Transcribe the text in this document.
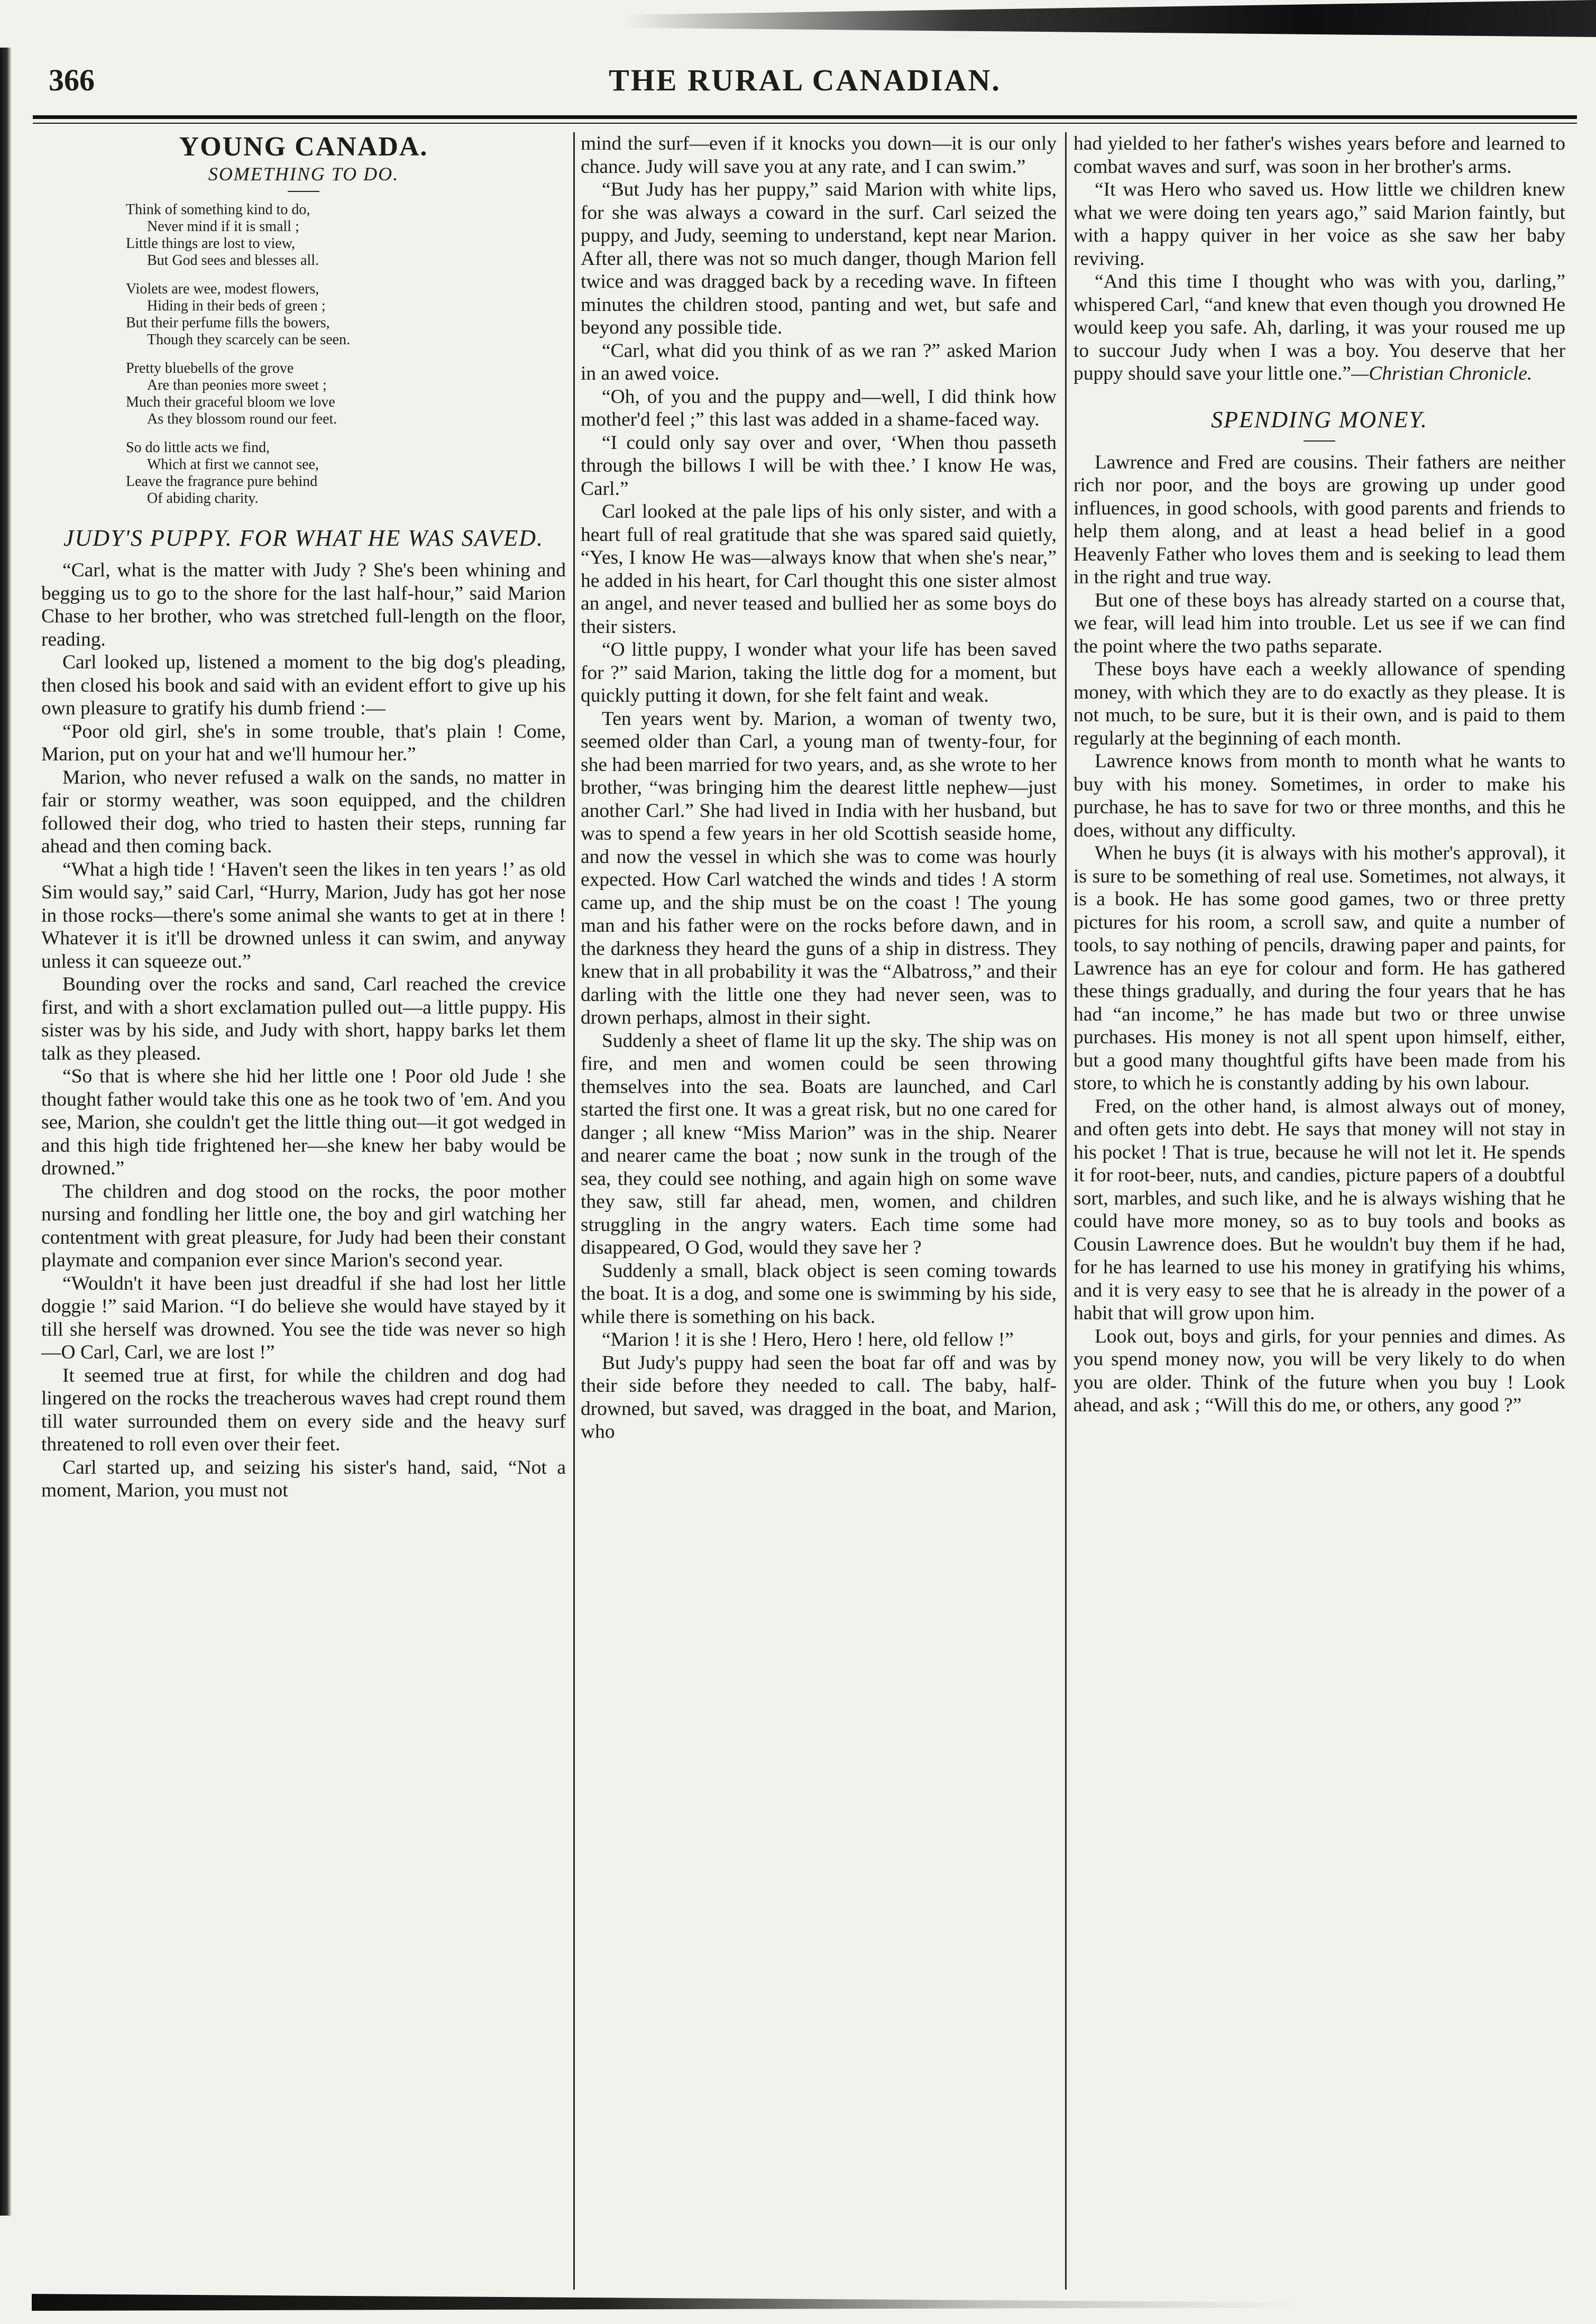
366	THE RURAL CANADIAN.
YOUNG CANADA.
SOMETHING TO DO.
Think of something kind to do,
Never mind if it is small ;
Little things are lost to view,
But God sees and blesses all.
Violets are wee, modest flowers,
Hiding in their beds of green ;
But their perfume fills the bowers,
Though they scarcely can be seen.
Pretty bluebells of the grove
Are than peonies more sweet ;
Much their graceful bloom we love
As they blossom round our feet.
So do little acts we find,
Which at first we cannot see,
Leave the fragrance pure behind
Of abiding charity.
JUDY'S PUPPY. FOR WHAT HE WAS SAVED.

“Carl, what is the matter with Judy ? She's been whining and begging us to go to the shore for the last half-hour,” said Marion Chase to her brother, who was stretched full-length on the floor, reading.

Carl looked up, listened a moment to the big dog's pleading, then closed his book and said with an evident effort to give up his own pleasure to gratify his dumb friend :—

“Poor old girl, she's in some trouble, that's plain ! Come, Marion, put on your hat and we'll humour her.”

Marion, who never refused a walk on the sands, no matter in fair or stormy weather, was soon equipped, and the children followed their dog, who tried to hasten their steps, running far ahead and then coming back.

“What a high tide ! ‘Haven't seen the likes in ten years !’ as old Sim would say,” said Carl, “Hurry, Marion, Judy has got her nose in those rocks—there's some animal she wants to get at in there ! Whatever it is it'll be drowned unless it can swim, and anyway unless it can squeeze out.”

Bounding over the rocks and sand, Carl reached the crevice first, and with a short exclamation pulled out—a little puppy. His sister was by his side, and Judy with short, happy barks let them talk as they pleased.

“So that is where she hid her little one ! Poor old Jude ! she thought father would take this one as he took two of 'em. And you see, Marion, she couldn't get the little thing out—it got wedged in and this high tide frightened her—she knew her baby would be drowned.”

The children and dog stood on the rocks, the poor mother nursing and fondling her little one, the boy and girl watching her contentment with great pleasure, for Judy had been their constant playmate and companion ever since Marion's second year.

“Wouldn't it have been just dreadful if she had lost her little doggie !” said Marion. “I do believe she would have stayed by it till she herself was drowned. You see the tide was never so high—O Carl, Carl, we are lost !”

It seemed true at first, for while the children and dog had lingered on the rocks the treacherous waves had crept round them till water surrounded them on every side and the heavy surf threatened to roll even over their feet.

Carl started up, and seizing his sister's hand, said, “Not a moment, Marion, you must not

mind the surf—even if it knocks you down—it is our only chance. Judy will save you at any rate, and I can swim.”

“But Judy has her puppy,” said Marion with white lips, for she was always a coward in the surf. Carl seized the puppy, and Judy, seeming to understand, kept near Marion. After all, there was not so much danger, though Marion fell twice and was dragged back by a receding wave. In fifteen minutes the children stood, panting and wet, but safe and beyond any possible tide.

“Carl, what did you think of as we ran ?” asked Marion in an awed voice.

“Oh, of you and the puppy and—well, I did think how mother'd feel ;” this last was added in a shame-faced way.

“I could only say over and over, ‘When thou passeth through the billows I will be with thee.’ I know He was, Carl.”

Carl looked at the pale lips of his only sister, and with a heart full of real gratitude that she was spared said quietly, “Yes, I know He was—always know that when she's near,” he added in his heart, for Carl thought this one sister almost an angel, and never teased and bullied her as some boys do their sisters.

“O little puppy, I wonder what your life has been saved for ?” said Marion, taking the little dog for a moment, but quickly putting it down, for she felt faint and weak.

Ten years went by. Marion, a woman of twenty two, seemed older than Carl, a young man of twenty-four, for she had been married for two years, and, as she wrote to her brother, “was bringing him the dearest little nephew—just another Carl.” She had lived in India with her husband, but was to spend a few years in her old Scottish seaside home, and now the vessel in which she was to come was hourly expected. How Carl watched the winds and tides ! A storm came up, and the ship must be on the coast ! The young man and his father were on the rocks before dawn, and in the darkness they heard the guns of a ship in distress. They knew that in all probability it was the “Albatross,” and their darling with the little one they had never seen, was to drown perhaps, almost in their sight.

Suddenly a sheet of flame lit up the sky. The ship was on fire, and men and women could be seen throwing themselves into the sea. Boats are launched, and Carl started the first one. It was a great risk, but no one cared for danger ; all knew “Miss Marion” was in the ship. Nearer and nearer came the boat ; now sunk in the trough of the sea, they could see nothing, and again high on some wave they saw, still far ahead, men, women, and children struggling in the angry waters. Each time some had disappeared, O God, would they save her ?

Suddenly a small, black object is seen coming towards the boat. It is a dog, and some one is swimming by his side, while there is something on his back.

“Marion ! it is she ! Hero, Hero ! here, old fellow !”

But Judy's puppy had seen the boat far off and was by their side before they needed to call. The baby, half-drowned, but saved, was dragged in the boat, and Marion, who

had yielded to her father's wishes years before and learned to combat waves and surf, was soon in her brother's arms.

“It was Hero who saved us. How little we children knew what we were doing ten years ago,” said Marion faintly, but with a happy quiver in her voice as she saw her baby reviving.

“And this time I thought who was with you, darling,” whispered Carl, “and knew that even though you drowned He would keep you safe. Ah, darling, it was your roused me up to succour Judy when I was a boy. You deserve that her puppy should save your little one.”—Christian Chronicle.

SPENDING MONEY.

Lawrence and Fred are cousins. Their fathers are neither rich nor poor, and the boys are growing up under good influences, in good schools, with good parents and friends to help them along, and at least a head belief in a good Heavenly Father who loves them and is seeking to lead them in the right and true way.

But one of these boys has already started on a course that, we fear, will lead him into trouble. Let us see if we can find the point where the two paths separate.

These boys have each a weekly allowance of spending money, with which they are to do exactly as they please. It is not much, to be sure, but it is their own, and is paid to them regularly at the beginning of each month.

Lawrence knows from month to month what he wants to buy with his money. Sometimes, in order to make his purchase, he has to save for two or three months, and this he does, without any difficulty.

When he buys (it is always with his mother's approval), it is sure to be something of real use. Sometimes, not always, it is a book. He has some good games, two or three pretty pictures for his room, a scroll saw, and quite a number of tools, to say nothing of pencils, drawing paper and paints, for Lawrence has an eye for colour and form. He has gathered these things gradually, and during the four years that he has had “an income,” he has made but two or three unwise purchases. His money is not all spent upon himself, either, but a good many thoughtful gifts have been made from his store, to which he is constantly adding by his own labour.

Fred, on the other hand, is almost always out of money, and often gets into debt. He says that money will not stay in his pocket ! That is true, because he will not let it. He spends it for root-beer, nuts, and candies, picture papers of a doubtful sort, marbles, and such like, and he is always wishing that he could have more money, so as to buy tools and books as Cousin Lawrence does. But he wouldn't buy them if he had, for he has learned to use his money in gratifying his whims, and it is very easy to see that he is already in the power of a habit that will grow upon him.

Look out, boys and girls, for your pennies and dimes. As you spend money now, you will be very likely to do when you are older. Think of the future when you buy ! Look ahead, and ask ; “Will this do me, or others, any good ?”
